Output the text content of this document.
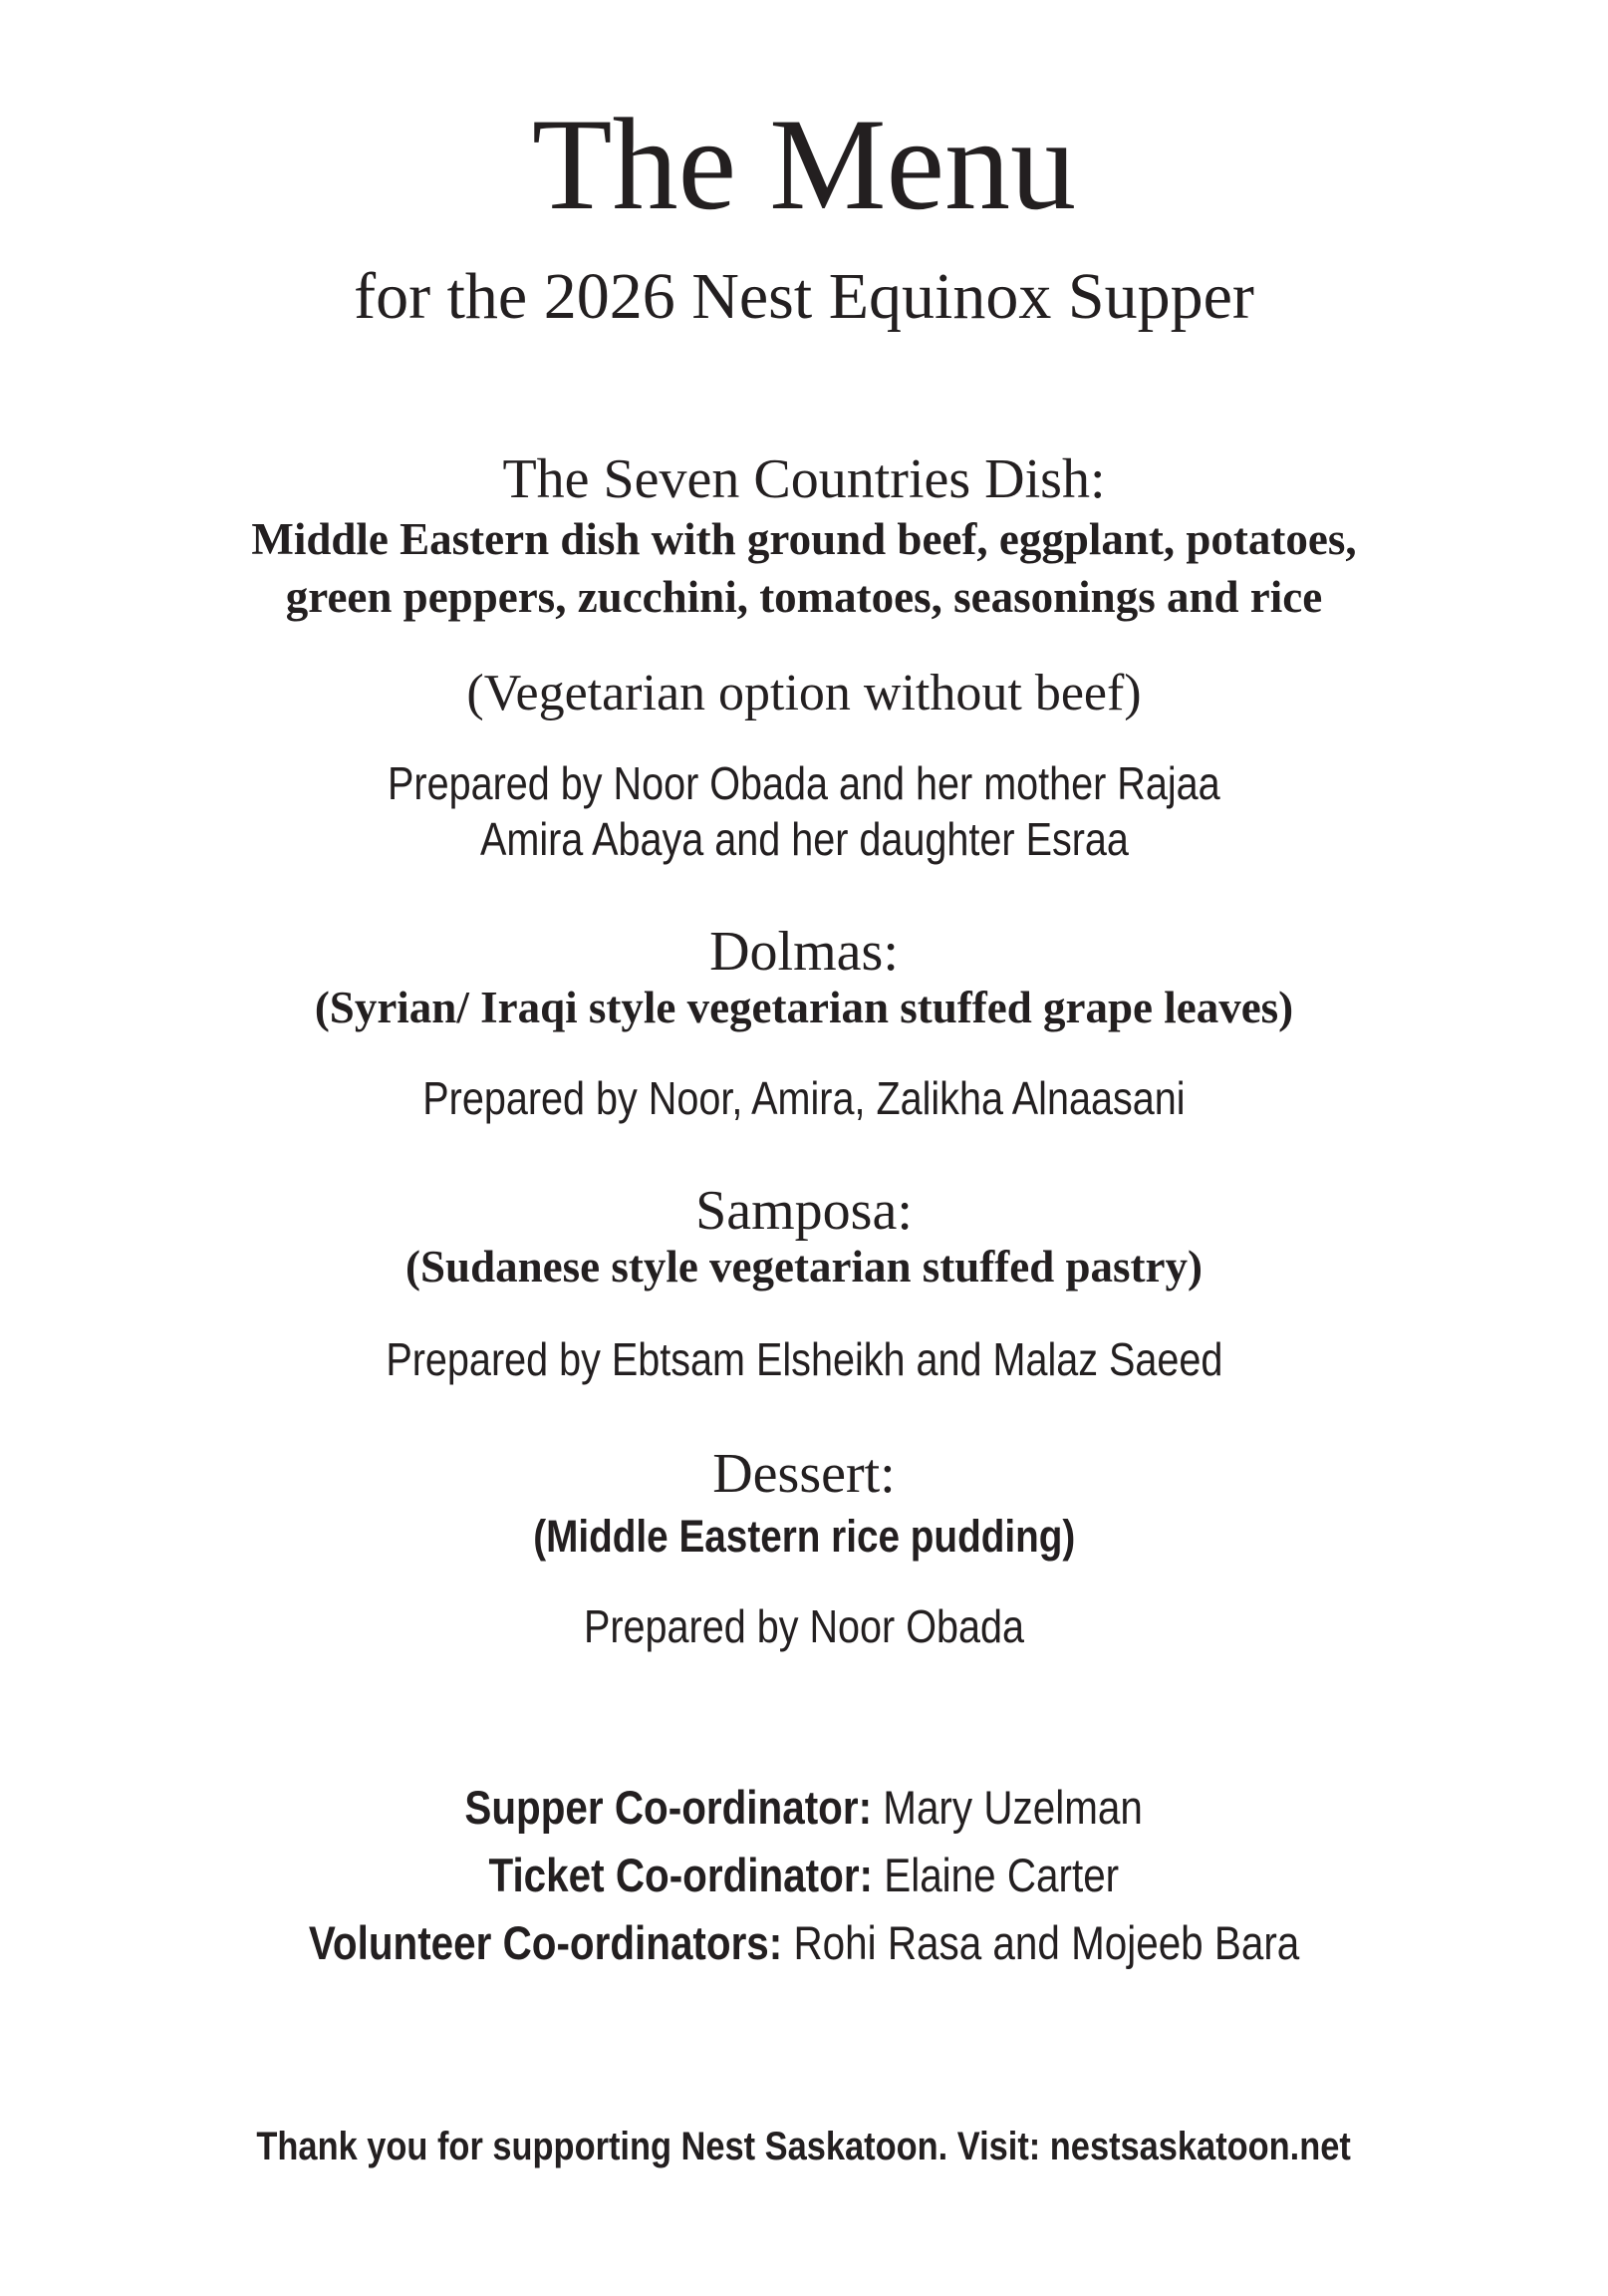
The Menu
for the 2026 Nest Equinox Supper
The Seven Countries Dish:
Middle Eastern dish with ground beef, eggplant, potatoes,
green peppers, zucchini, tomatoes, seasonings and rice
(Vegetarian option without beef)
Prepared by Noor Obada and her mother Rajaa
Amira Abaya and her daughter Esraa
Dolmas:
(Syrian/ Iraqi style vegetarian stuffed grape leaves)
Prepared by Noor, Amira, Zalikha Alnaasani
Samposa:
(Sudanese style vegetarian stuffed pastry)
Prepared by Ebtsam Elsheikh and Malaz Saeed
Dessert:
(Middle Eastern rice pudding)
Prepared by Noor Obada
Supper Co-ordinator: Mary Uzelman
Ticket Co-ordinator: Elaine Carter
Volunteer Co-ordinators: Rohi Rasa and Mojeeb Bara
Thank you for supporting Nest Saskatoon. Visit: nestsaskatoon.net
